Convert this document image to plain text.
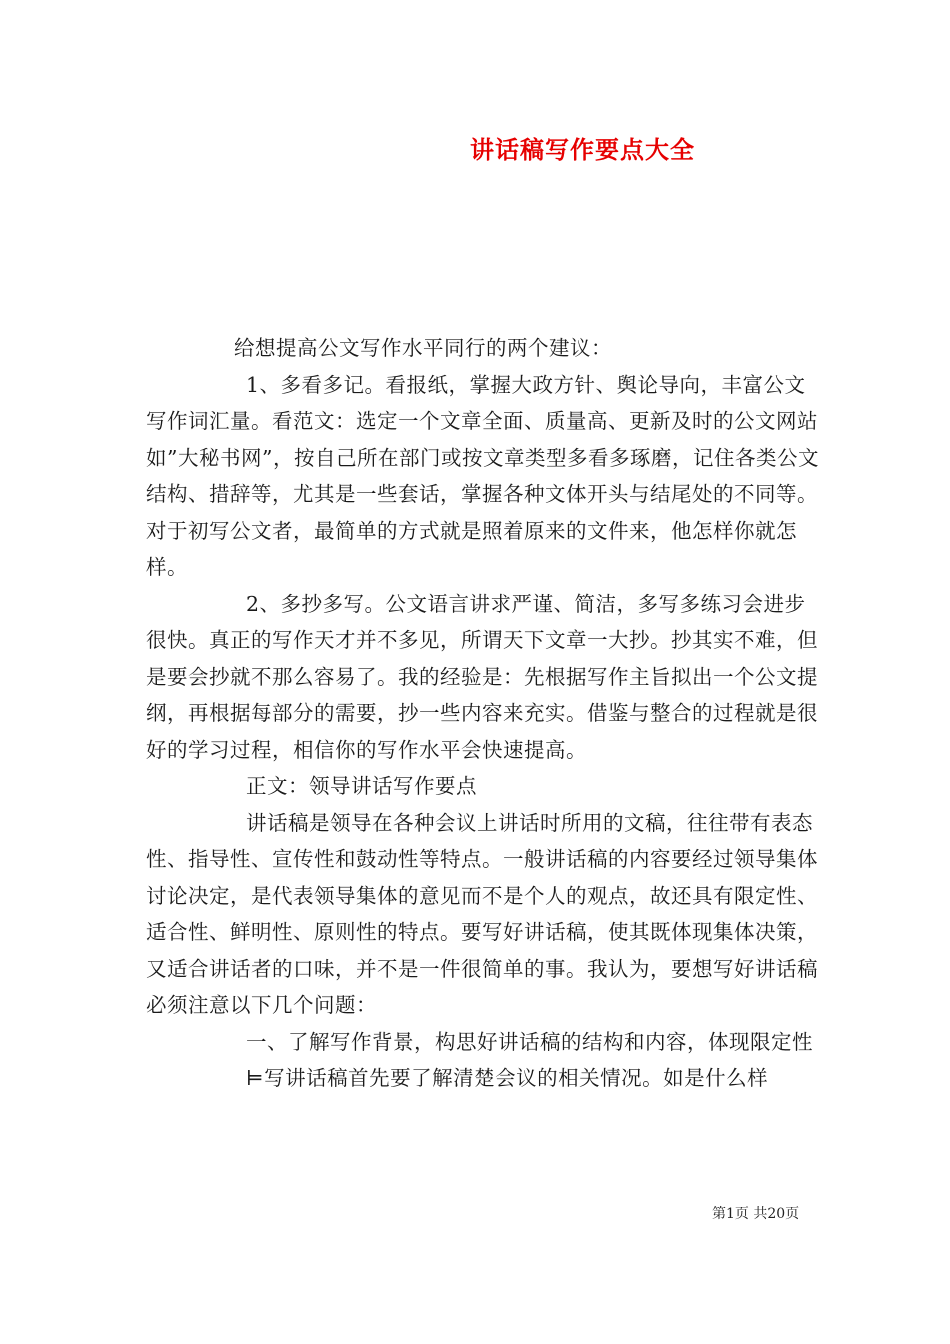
讲话稿写作要点大全

给想提高公文写作水平同行的两个建议：

1、多看多记。看报纸，掌握大政方针、舆论导向，丰富公文写作词汇量。看范文：选定一个文章全面、质量高、更新及时的公文网站如”大秘书网”，按自己所在部门或按文章类型多看多琢磨，记住各类公文结构、措辞等，尤其是一些套话，掌握各种文体开头与结尾处的不同等。对于初写公文者，最简单的方式就是照着原来的文件来，他怎样你就怎样。

2、多抄多写。公文语言讲求严谨、简洁，多写多练习会进步很快。真正的写作天才并不多见，所谓天下文章一大抄。抄其实不难，但是要会抄就不那么容易了。我的经验是：先根据写作主旨拟出一个公文提纲，再根据每部分的需要，抄一些内容来充实。借鉴与整合的过程就是很好的学习过程，相信你的写作水平会快速提高。

正文：领导讲话写作要点

讲话稿是领导在各种会议上讲话时所用的文稿，往往带有表态性、指导性、宣传性和鼓动性等特点。一般讲话稿的内容要经过领导集体讨论决定，是代表领导集体的意见而不是个人的观点，故还具有限定性、适合性、鲜明性、原则性的特点。要写好讲话稿，使其既体现集体决策，又适合讲话者的口味，并不是一件很简单的事。我认为，要想写好讲话稿必须注意以下几个问题：

一、了解写作背景，构思好讲话稿的结构和内容，体现限定性

⊨写讲话稿首先要了解清楚会议的相关情况。如是什么样

第1页 共20页
